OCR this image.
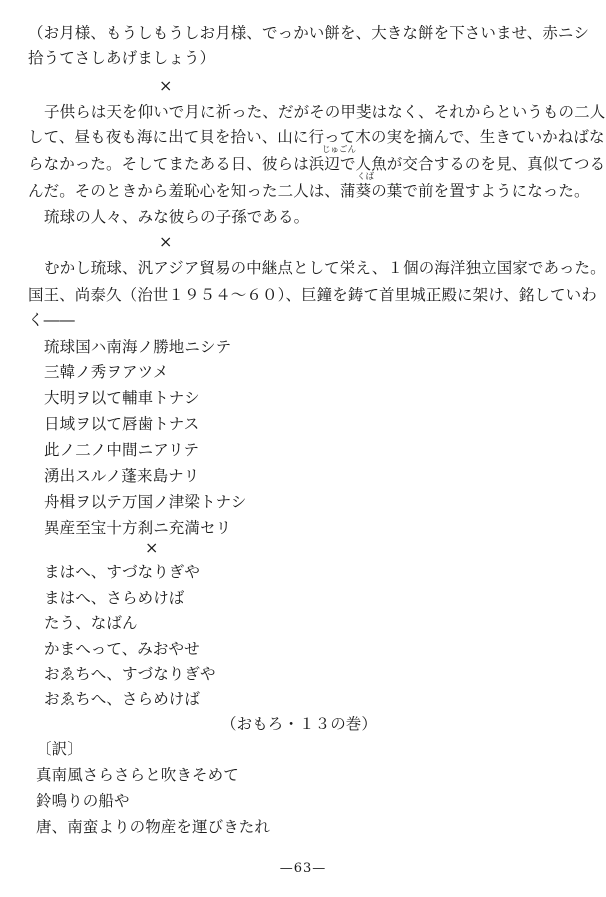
（お月様、もうしもうしお月様、でっかい餅を、大きな餅を下さいませ、赤ニシ
拾うてさしあげましょう）
×
子供らは天を仰いで月に祈った、だがその甲斐はなく、それからというもの二人
して、昼も夜も海に出て貝を拾い、山に行って木の実を摘んで、生きていかねばな
らなかった。そしてまたある日、彼らは浜辺で人魚が交合するのを見、真似てつる
じゅごん
んだ。そのときから羞恥心を知った二人は、蒲葵の葉で前を置すようになった。
くば
琉球の人々、みな彼らの子孫である。
×
むかし琉球、汎アジア貿易の中継点として栄え、１個の海洋独立国家であった。
国王、尚泰久（治世１９５４～６０）、巨鐘を鋳て首里城正殿に架け、銘していわ
く――
琉球国ハ南海ノ勝地ニシテ
三韓ノ秀ヲアツメ
大明ヲ以て輔車トナシ
日域ヲ以て唇歯トナス
此ノ二ノ中間ニアリテ
湧出スルノ蓬来島ナリ
舟楫ヲ以テ万国ノ津梁トナシ
異産至宝十方刹ニ充満セリ
×
まはへ、すづなりぎや
まはへ、さらめけば
たう、なばん
かまへって、みおやせ
おゑちへ、すづなりぎや
おゑちへ、さらめけば
（おもろ・１３の巻）
〔訳〕
真南風さらさらと吹きそめて
鈴鳴りの船や
唐、南蛮よりの物産を運びきたれ
—63—
